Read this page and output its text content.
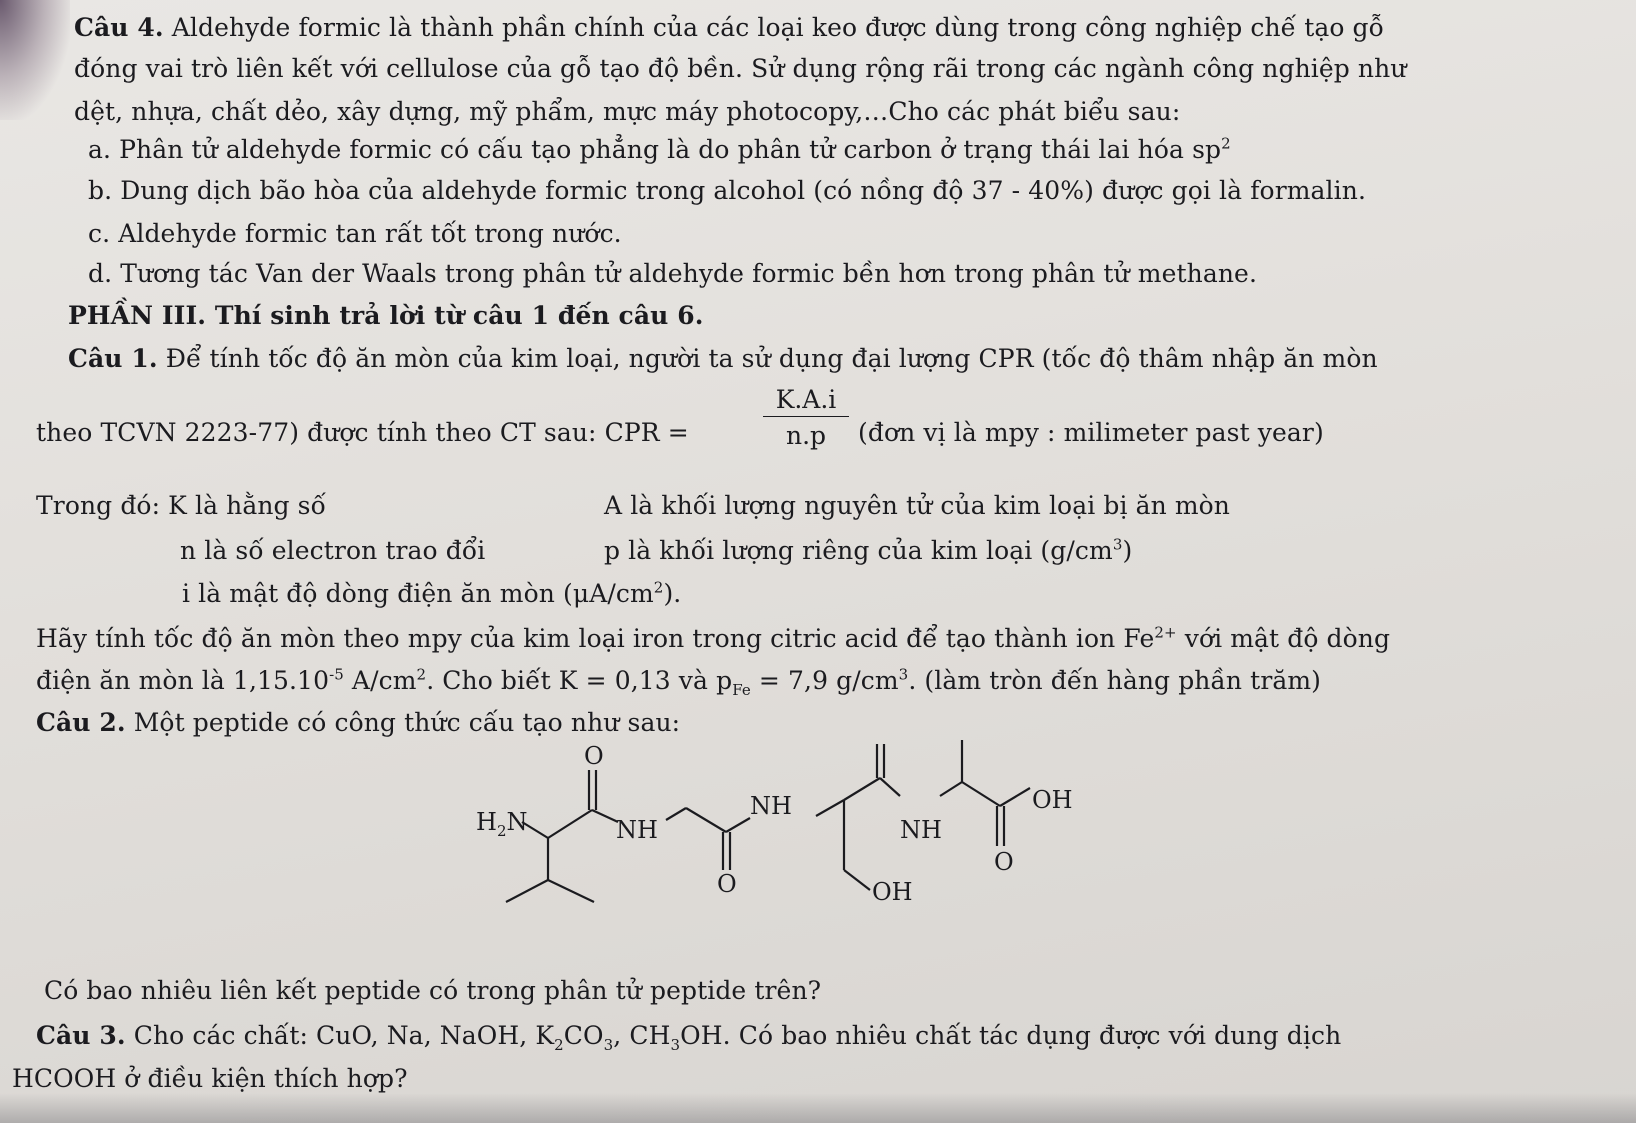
Câu 4. Aldehyde formic là thành phần chính của các loại keo được dùng trong công nghiệp chế tạo gỗ
đóng vai trò liên kết với cellulose của gỗ tạo độ bền. Sử dụng rộng rãi trong các ngành công nghiệp như
dệt, nhựa, chất dẻo, xây dựng, mỹ phẩm, mực máy photocopy,…Cho các phát biểu sau:
a. Phân tử aldehyde formic có cấu tạo phẳng là do phân tử carbon ở trạng thái lai hóa $sp^2$
b. Dung dịch bão hòa của aldehyde formic trong alcohol (có nồng độ 37 - 40%) được gọi là formalin.
c. Aldehyde formic tan rất tốt trong nước.
d. Tương tác Van der Waals trong phân tử aldehyde formic bền hơn trong phân tử methane.
PHẦN III. Thí sinh trả lời từ câu 1 đến câu 6.
Câu 1. Để tính tốc độ ăn mòn của kim loại, người ta sử dụng đại lượng CPR (tốc độ thâm nhập ăn mòn
theo TCVN 2223-77) được tính theo CT sau: CPR =	$\frac{K.A.i}{n.p}$ (đơn vị là mpy : milimeter past year)
Trong đó: K là hằng số	A là khối lượng nguyên tử của kim loại bị ăn mòn
n là số electron trao đổi	p là khối lượng riêng của kim loại $(g/cm^3)$
i là mật độ dòng điện ăn mòn $(\mu A/cm^2)$.
Hãy tính tốc độ ăn mòn theo mpy của kim loại iron trong citric acid để tạo thành ion $Fe^{2+}$ với mật độ dòng
điện ăn mòn là $1,15.10^{-5}$ $A/cm^2$. Cho biết K = 0,13 và $p_{Fe} = 7,9$ $g/cm^3$. (làm tròn đến hàng phần trăm)
Câu 2. Một peptide có công thức cấu tạo như sau:
$H_2N$
O
NH
O
NH
OH
NH
O
OH
Có bao nhiêu liên kết peptide có trong phân tử peptide trên?
Câu 3. Cho các chất: CuO, Na, NaOH, $K_2CO_3$, $CH_3OH$. Có bao nhiêu chất tác dụng được với dung dịch
HCOOH ở điều kiện thích hợp?
